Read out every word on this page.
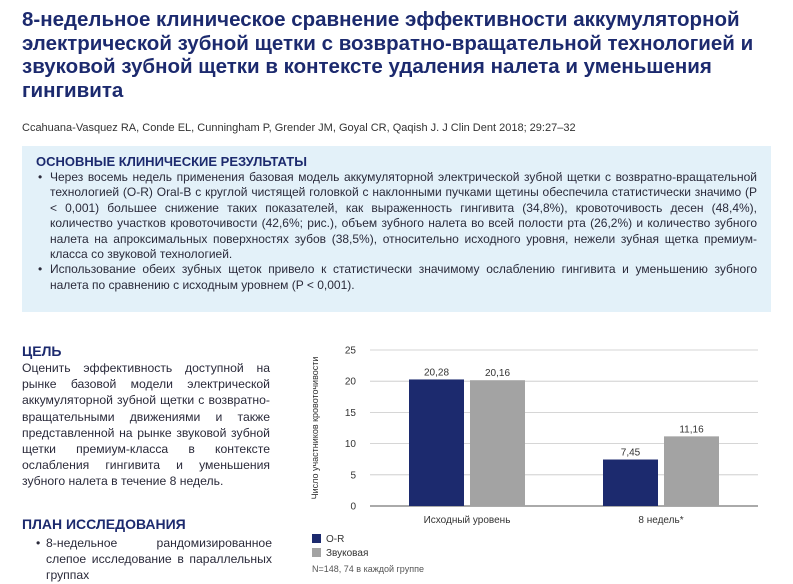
8-недельное клиническое сравнение эффективности аккумуляторной электрической зубной щетки с возвратно-вращательной технологией и звуковой зубной щетки в контексте удаления налета и уменьшения гингивита

Ccahuana-Vasquez RA, Conde EL, Cunningham P, Grender JM, Goyal CR, Qaqish J. J Clin Dent 2018; 29:27–32

ОСНОВНЫЕ КЛИНИЧЕСКИЕ РЕЗУЛЬТАТЫ
• Через восемь недель применения базовая модель аккумуляторной электрической зубной щетки с возвратно-вращательной технологией (O-R) Oral-B с круглой чистящей головкой с наклонными пучками щетины обеспечила статистически значимо (P < 0,001) большее снижение таких показателей, как выраженность гингивита (34,8%), кровоточивость десен (48,4%), количество участков кровоточивости (42,6%; рис.), объем зубного налета во всей полости рта (26,2%) и количество зубного налета на апроксимальных поверхностях зубов (38,5%), относительно исходного уровня, нежели зубная щетка премиум-класса со звуковой технологией.
• Использование обеих зубных щеток привело к статистически значимому ослаблению гингивита и уменьшению зубного налета по сравнению с исходным уровнем (P < 0,001).
ЦЕЛЬ

Оценить эффективность доступной на рынке базовой модели электрической аккумуляторной зубной щетки с возвратно-вращательными движениями и также представленной на рынке звуковой зубной щетки премиум-класса в контексте ослабления гингивита и уменьшения зубного налета в течение 8 недель.

ПЛАН ИССЛЕДОВАНИЯ
• 8-недельное рандомизированное слепое исследование в параллельных группах
0
5
10
15
20
25
20,28	20,16
7,45
11,16
Исходный уровень	8 недель*
Число участников кровоточивости
O-R
Звуковая
N=148, 74 в каждой группе
